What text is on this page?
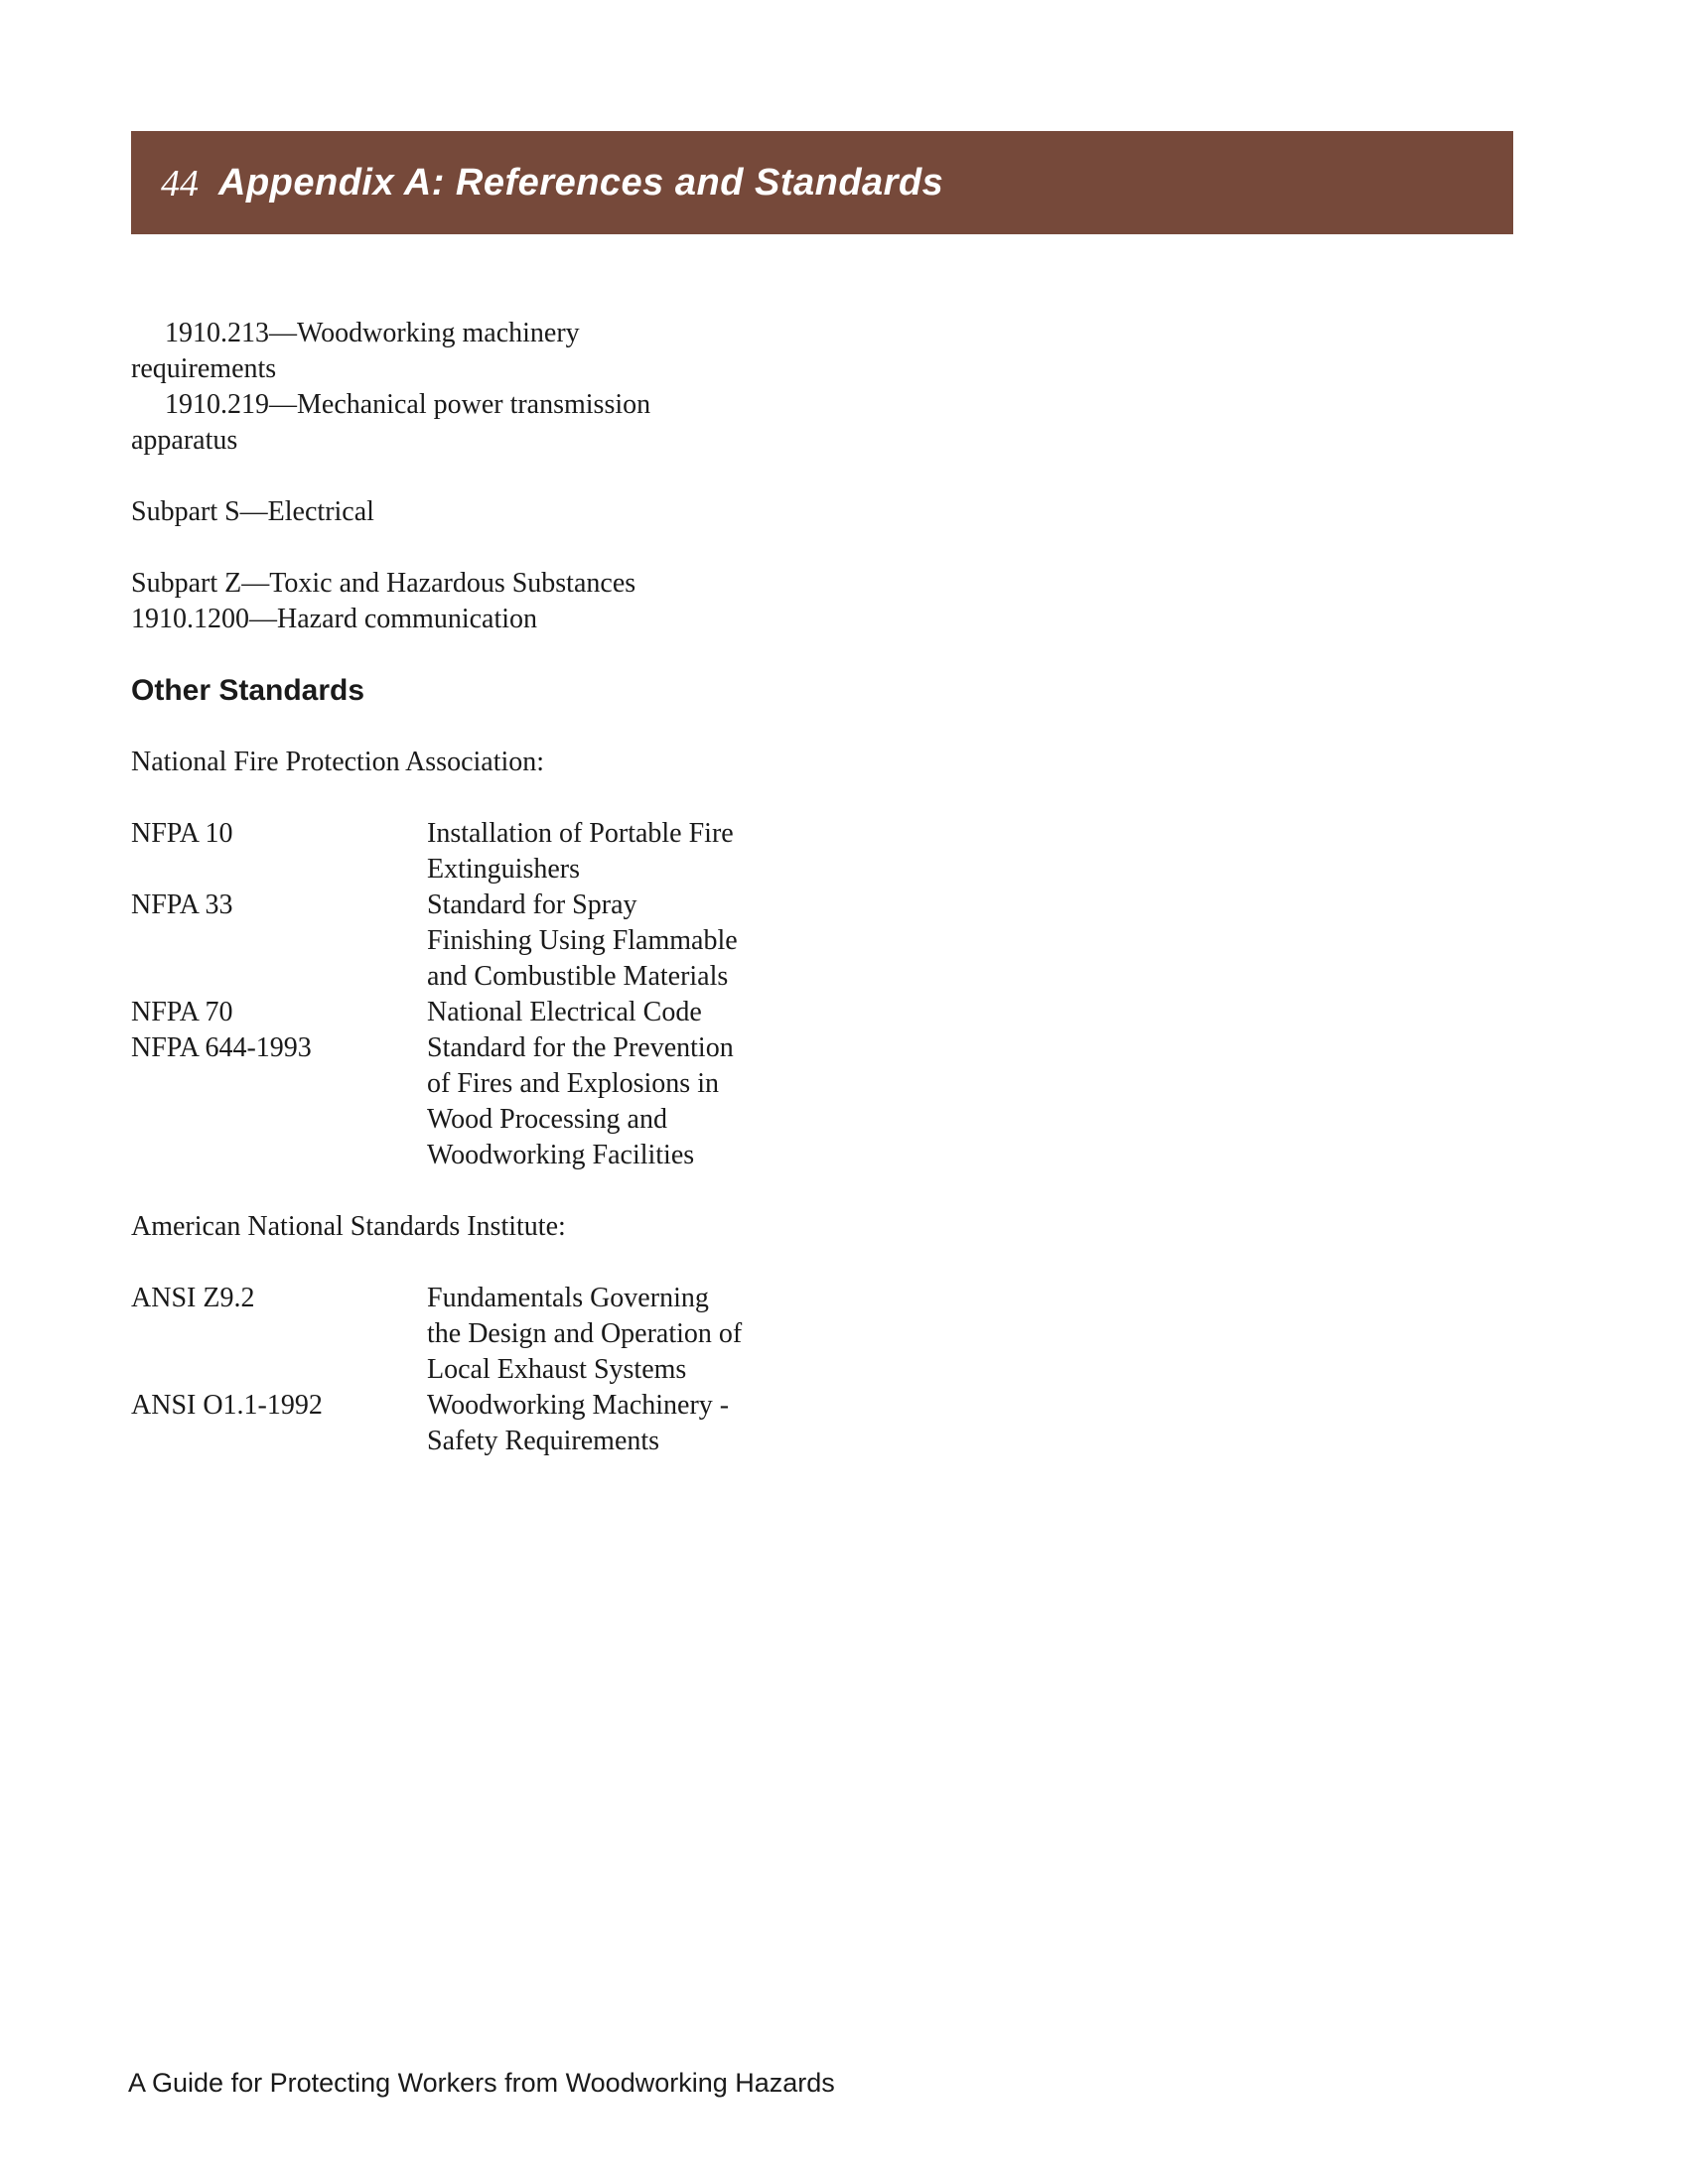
44 Appendix A: References and Standards

1910.213—Woodworking machinery

requirements

1910.219—Mechanical power transmission

apparatus

Subpart S—Electrical

Subpart Z—Toxic and Hazardous Substances

1910.1200—Hazard communication

Other Standards

National Fire Protection Association:

NFPA 10	Installation of Portable Fire

Extinguishers

NFPA 33	Standard for Spray

Finishing Using Flammable

and Combustible Materials

NFPA 70	National Electrical Code

NFPA 644-1993	Standard for the Prevention

of Fires and Explosions in

Wood Processing and

Woodworking Facilities

American National Standards Institute:

ANSI Z9.2	Fundamentals Governing

the Design and Operation of

Local Exhaust Systems

ANSI O1.1-1992	Woodworking Machinery -

Safety Requirements

A Guide for Protecting Workers from Woodworking Hazards
